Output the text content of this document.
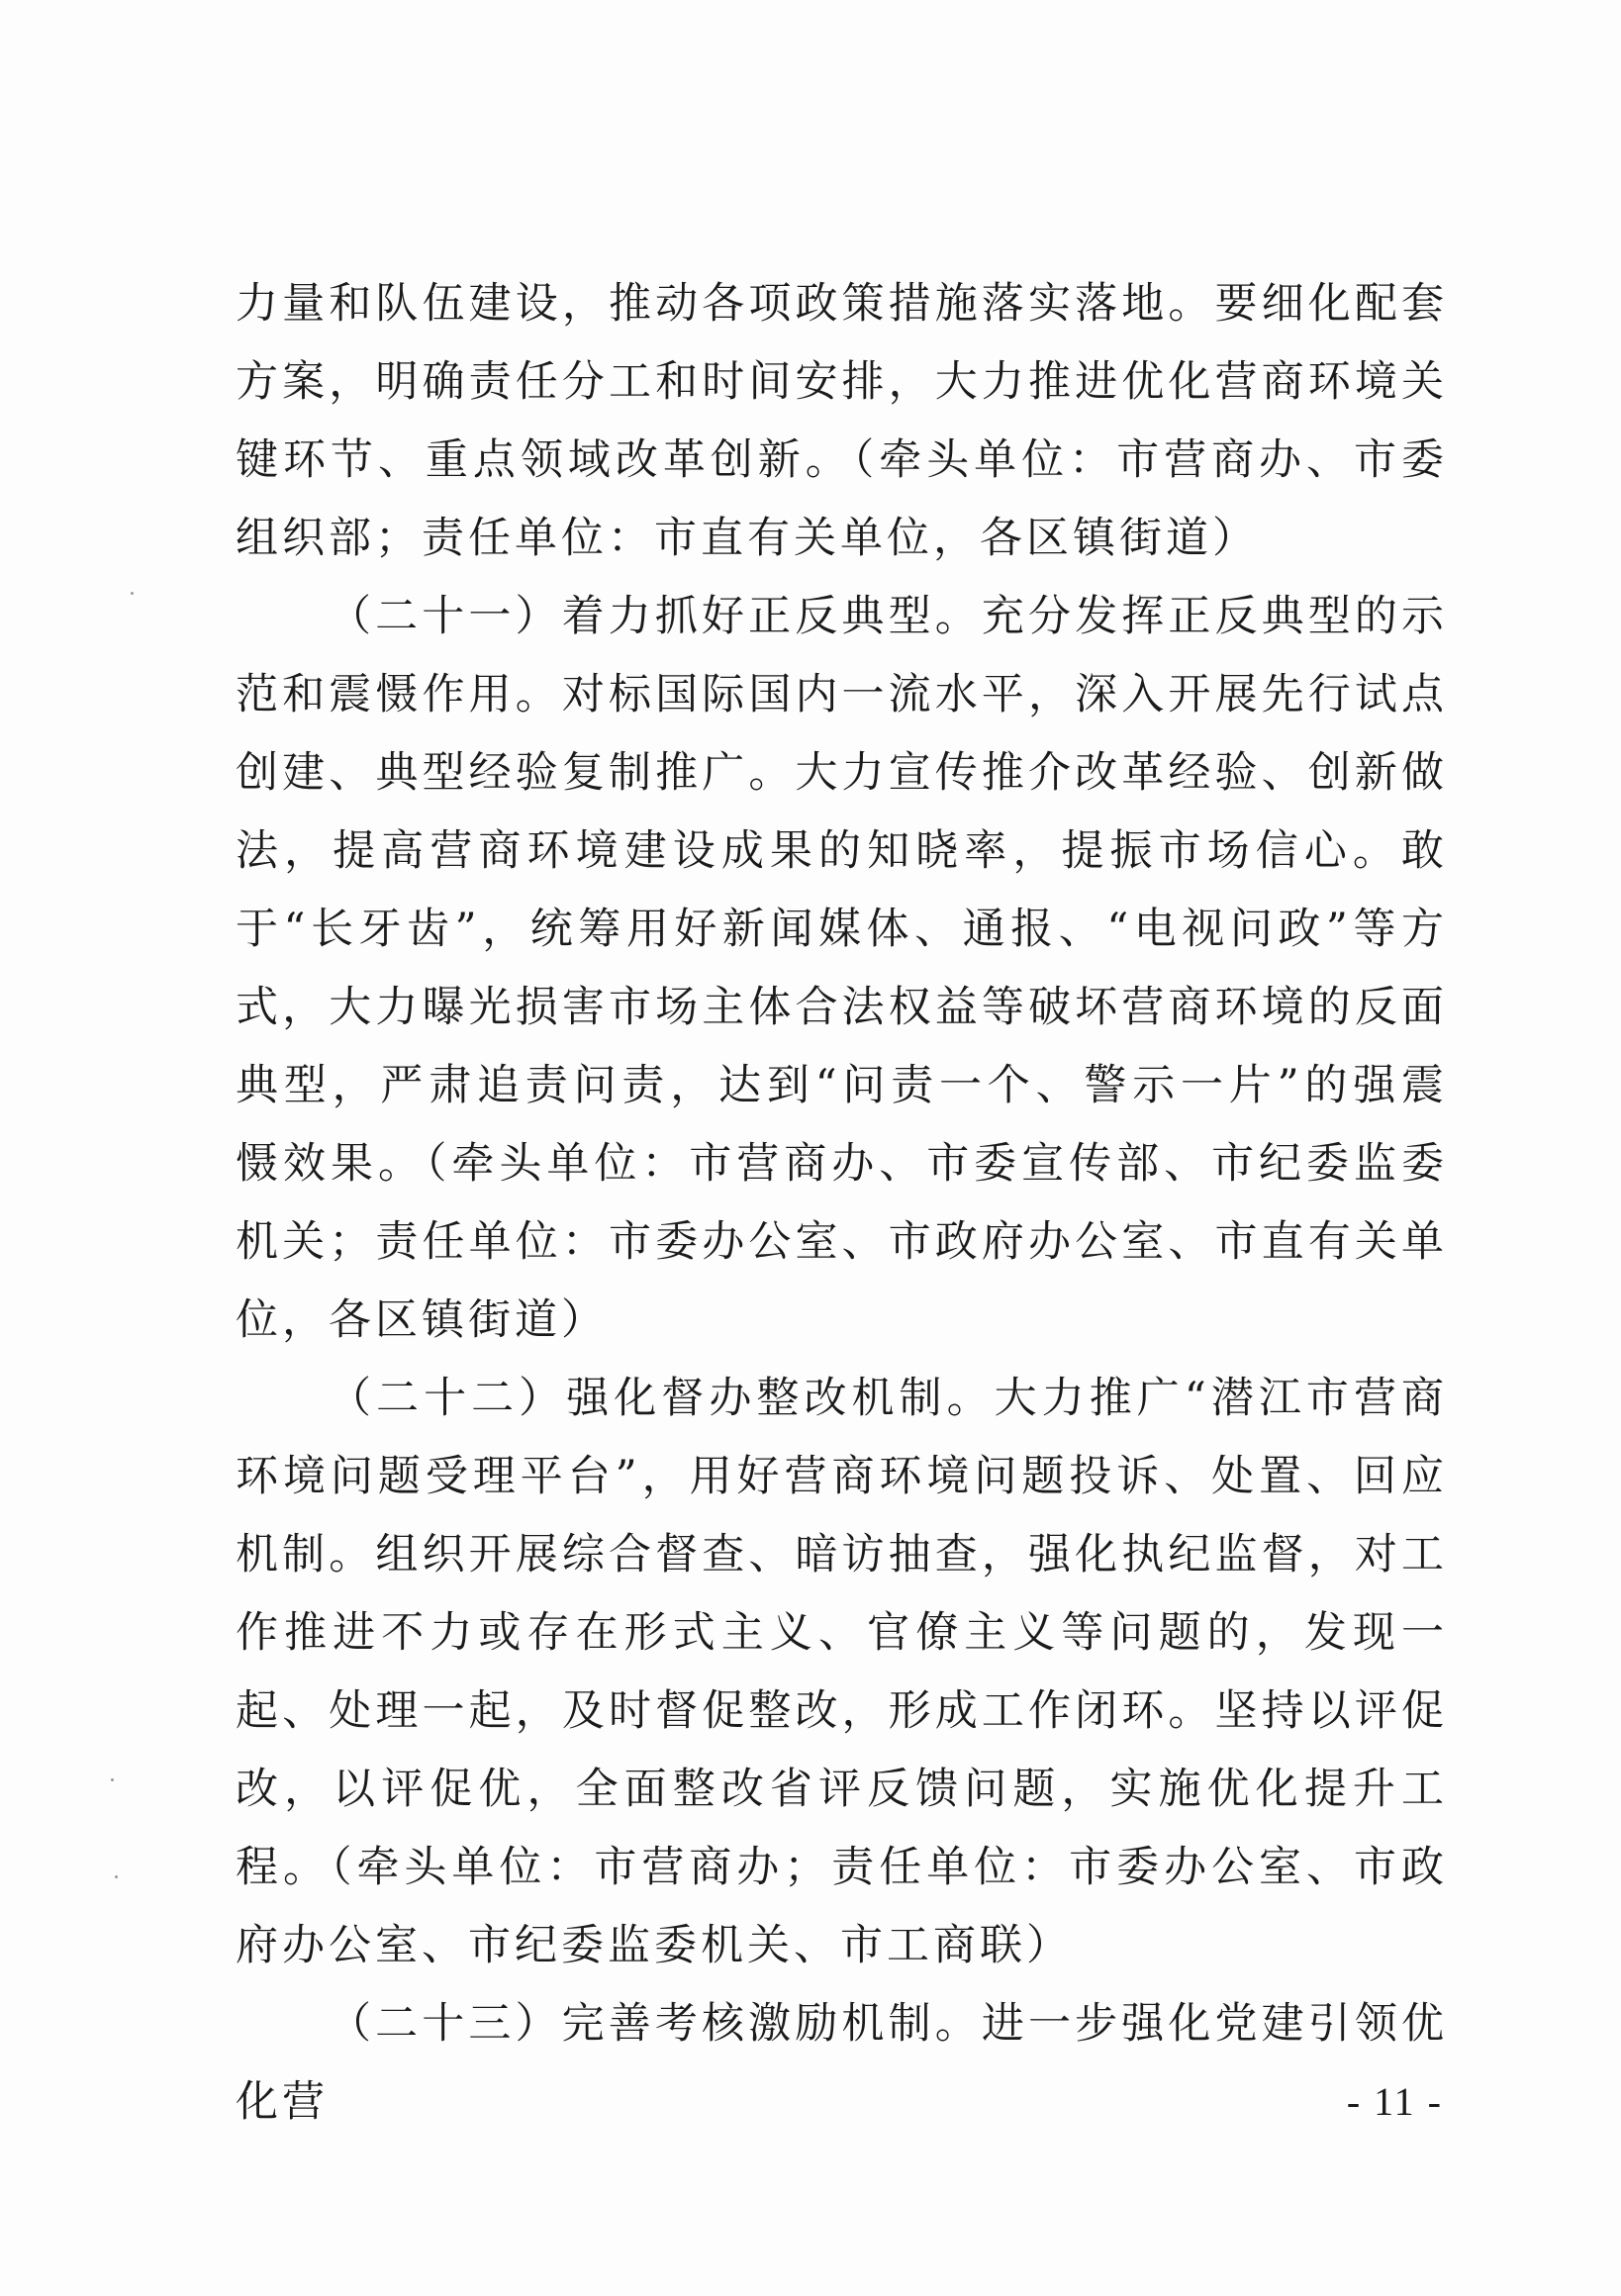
力量和队伍建设，推动各项政策措施落实落地。要细化配套方案，明确责任分工和时间安排，大力推进优化营商环境关键环节、重点领域改革创新。（牵头单位：市营商办、市委组织部；责任单位：市直有关单位，各区镇街道）

（二十一）着力抓好正反典型。充分发挥正反典型的示范和震慑作用。对标国际国内一流水平，深入开展先行试点创建、典型经验复制推广。大力宣传推介改革经验、创新做法，提高营商环境建设成果的知晓率，提振市场信心。敢于“长牙齿”，统筹用好新闻媒体、通报、“电视问政”等方式，大力曝光损害市场主体合法权益等破坏营商环境的反面典型，严肃追责问责，达到“问责一个、警示一片”的强震慑效果。（牵头单位：市营商办、市委宣传部、市纪委监委机关；责任单位：市委办公室、市政府办公室、市直有关单位，各区镇街道）

（二十二）强化督办整改机制。大力推广“潜江市营商环境问题受理平台”，用好营商环境问题投诉、处置、回应机制。组织开展综合督查、暗访抽查，强化执纪监督，对工作推进不力或存在形式主义、官僚主义等问题的，发现一起、处理一起，及时督促整改，形成工作闭环。坚持以评促改，以评促优，全面整改省评反馈问题，实施优化提升工程。（牵头单位：市营商办；责任单位：市委办公室、市政府办公室、市纪委监委机关、市工商联）

（二十三）完善考核激励机制。进一步强化党建引领优化营	- 11 -
